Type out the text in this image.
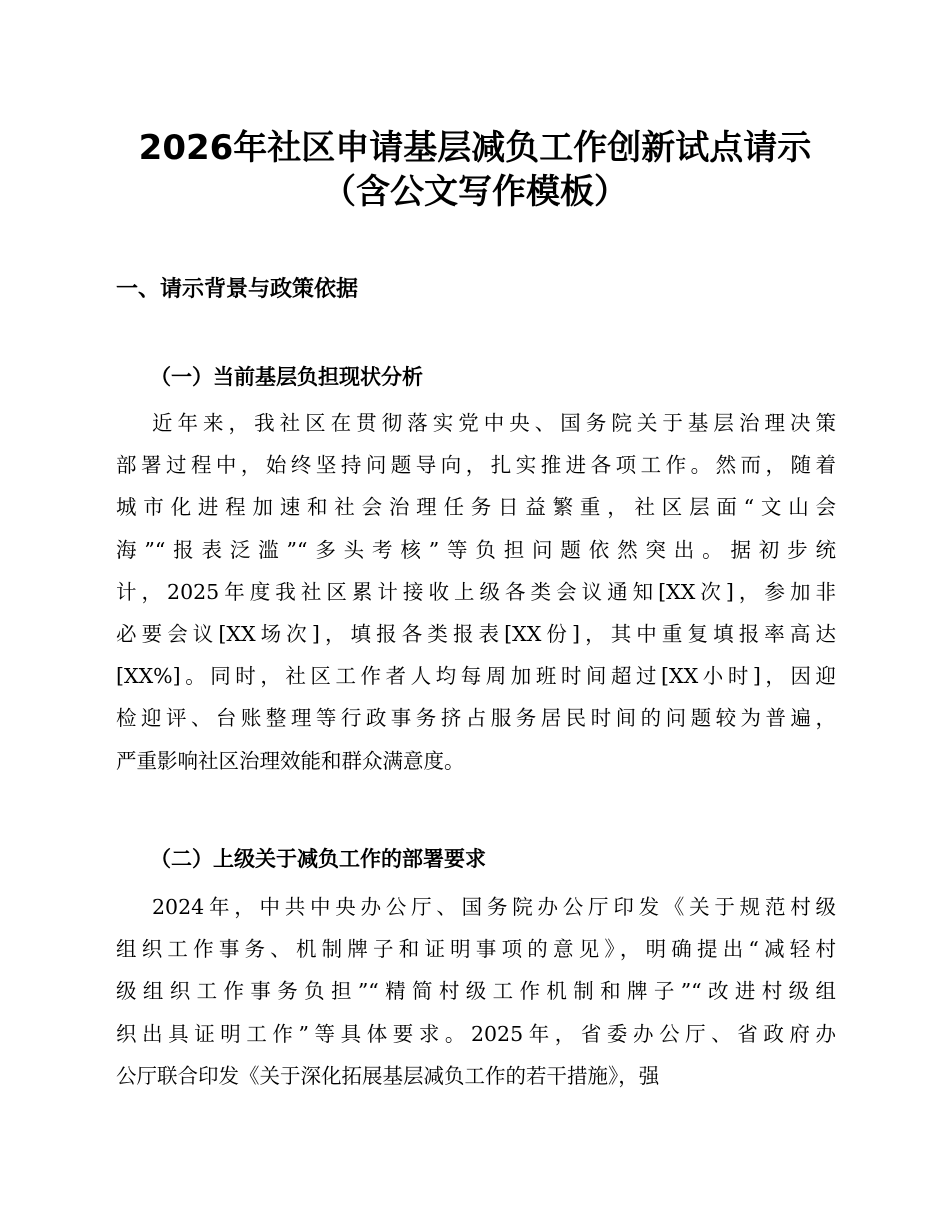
2026年社区申请基层减负工作创新试点请示
（含公文写作模板）
一、请示背景与政策依据
（一）当前基层负担现状分析
近年来，我社区在贯彻落实党中央、国务院关于基层治理决策
部署过程中，始终坚持问题导向，扎实推进各项工作。然而，随着
城市化进程加速和社会治理任务日益繁重，社区层面“文山会
海”“报表泛滥”“多头考核”等负担问题依然突出。据初步统
计，2025年度我社区累计接收上级各类会议通知[XX次]，参加非
必要会议[XX场次]，填报各类报表[XX份]，其中重复填报率高达
[XX%]。同时，社区工作者人均每周加班时间超过[XX小时]，因迎
检迎评、台账整理等行政事务挤占服务居民时间的问题较为普遍，
严重影响社区治理效能和群众满意度。
（二）上级关于减负工作的部署要求
2024年，中共中央办公厅、国务院办公厅印发《关于规范村级
组织工作事务、机制牌子和证明事项的意见》，明确提出“减轻村
级组织工作事务负担”“精简村级工作机制和牌子”“改进村级组
织出具证明工作”等具体要求。2025年，省委办公厅、省政府办
公厅联合印发《关于深化拓展基层减负工作的若干措施》，强
